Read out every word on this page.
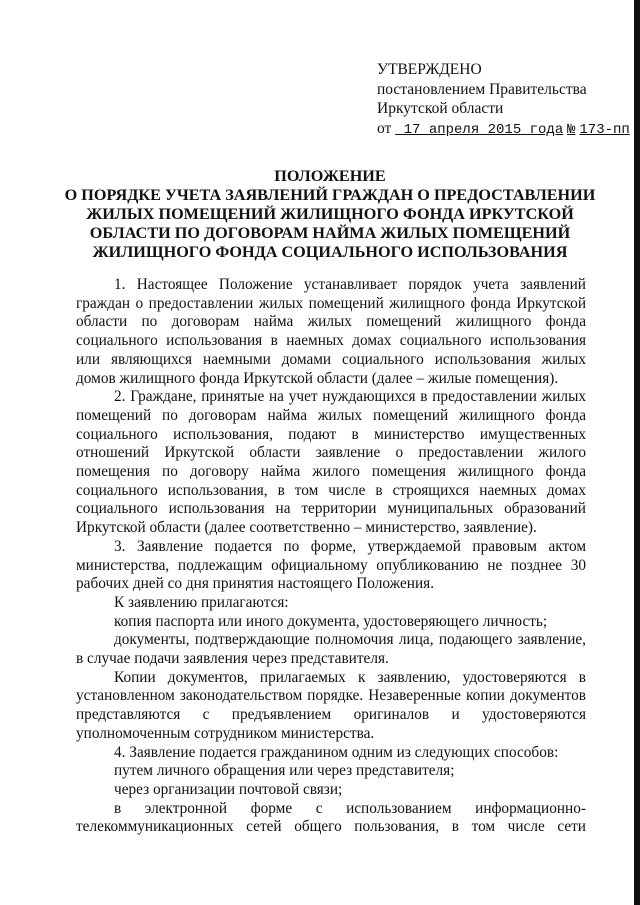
УТВЕРЖДЕНО
постановлением Правительства
Иркутской области
от 17 апреля 2015 года № 173-пп
ПОЛОЖЕНИЕ
О ПОРЯДКЕ УЧЕТА ЗАЯВЛЕНИЙ ГРАЖДАН О ПРЕДОСТАВЛЕНИИ
ЖИЛЫХ ПОМЕЩЕНИЙ ЖИЛИЩНОГО ФОНДА ИРКУТСКОЙ
ОБЛАСТИ ПО ДОГОВОРАМ НАЙМА ЖИЛЫХ ПОМЕЩЕНИЙ
ЖИЛИЩНОГО ФОНДА СОЦИАЛЬНОГО ИСПОЛЬЗОВАНИЯ

1. Настоящее Положение устанавливает порядок учета заявлений граждан о предоставлении жилых помещений жилищного фонда Иркутской области по договорам найма жилых помещений жилищного фонда социального использования в наемных домах социального использования или являющихся наемными домами социального использования жилых домов жилищного фонда Иркутской области (далее – жилые помещения).

2. Граждане, принятые на учет нуждающихся в предоставлении жилых помещений по договорам найма жилых помещений жилищного фонда социального использования, подают в министерство имущественных отношений Иркутской области заявление о предоставлении жилого помещения по договору найма жилого помещения жилищного фонда социального использования, в том числе в строящихся наемных домах социального использования на территории муниципальных образований Иркутской области (далее соответственно – министерство, заявление).

3. Заявление подается по форме, утверждаемой правовым актом министерства, подлежащим официальному опубликованию не позднее 30 рабочих дней со дня принятия настоящего Положения.

К заявлению прилагаются:

копия паспорта или иного документа, удостоверяющего личность;

документы, подтверждающие полномочия лица, подающего заявление, в случае подачи заявления через представителя.

Копии документов, прилагаемых к заявлению, удостоверяются в установленном законодательством порядке. Незаверенные копии документов представляются с предъявлением оригиналов и удостоверяются уполномоченным сотрудником министерства.

4. Заявление подается гражданином одним из следующих способов:

путем личного обращения или через представителя;

через организации почтовой связи;

в электронной форме с использованием информационно-телекоммуникационных сетей общего пользования, в том числе сети
